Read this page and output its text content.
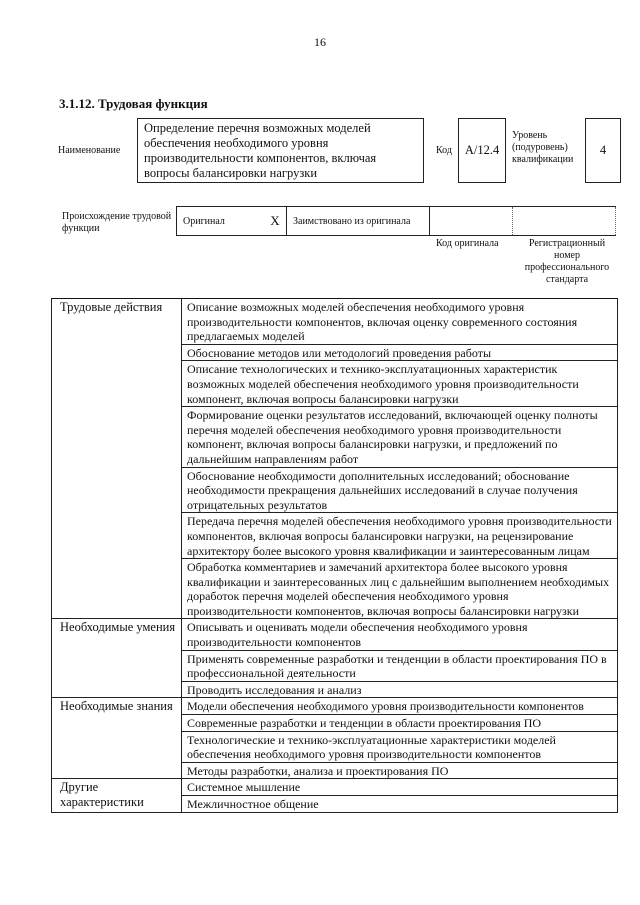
16
3.1.12. Трудовая функция
Наименование
Определение перечня возможных моделей обеспечения необходимого уровня производительности компонентов, включая вопросы балансировки нагрузки
Код	A/12.4
Уровень (подуровень) квалификации
4
Происхождение трудовой функции
Оригинал	X	Заимствовано из оригинала
Код оригинала	Регистрационный номер профессионального стандарта
Трудовые действия	Описание возможных моделей обеспечения необходимого уровня производительности компонентов, включая оценку современного состояния предлагаемых моделей
	Обоснование методов или методологий проведения работы
	Описание технологических и технико-эксплуатационных характеристик возможных моделей обеспечения необходимого уровня производительности компонент, включая вопросы балансировки нагрузки
	Формирование оценки результатов исследований, включающей оценку полноты перечня моделей обеспечения необходимого уровня производительности компонент, включая вопросы балансировки нагрузки, и предложений по дальнейшим направлениям работ
	Обоснование необходимости дополнительных исследований; обоснование необходимости прекращения дальнейших исследований в случае получения отрицательных результатов
	Передача перечня моделей обеспечения необходимого уровня производительности компонентов, включая вопросы балансировки нагрузки, на рецензирование архитектору более высокого уровня квалификации и заинтересованным лицам
	Обработка комментариев и замечаний архитектора более высокого уровня квалификации и заинтересованных лиц с дальнейшим выполнением необходимых доработок перечня моделей обеспечения необходимого уровня производительности компонентов, включая вопросы балансировки нагрузки
Необходимые умения	Описывать и оценивать модели обеспечения необходимого уровня производительности компонентов
	Применять современные разработки и тенденции в области проектирования ПО в профессиональной деятельности
	Проводить исследования и анализ
Необходимые знания	Модели обеспечения необходимого уровня производительности компонентов
	Современные разработки и тенденции в области проектирования ПО
	Технологические и технико-эксплуатационные характеристики моделей обеспечения необходимого уровня производительности компонентов
	Методы разработки, анализа и проектирования ПО
Другие характеристики	Системное мышление
	Межличностное общение
